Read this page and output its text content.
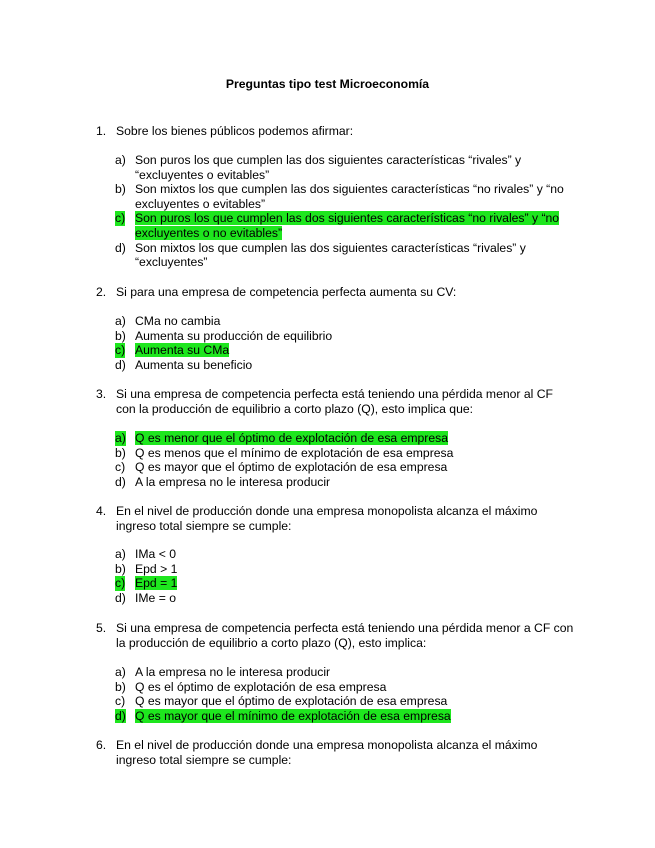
Preguntas tipo test Microeconomía
1. Sobre los bienes públicos podemos afirmar:
a) Son puros los que cumplen las dos siguientes características “rivales” y “excluyentes o evitables”
b) Son mixtos los que cumplen las dos siguientes características “no rivales” y “no excluyentes o evitables”
c) Son puros los que cumplen las dos siguientes características “no rivales” y “no excluyentes o no evitables”
d) Son mixtos los que cumplen las dos siguientes características “rivales” y “excluyentes”
2. Si para una empresa de competencia perfecta aumenta su CV:
a) CMa no cambia
b) Aumenta su producción de equilibrio
c) Aumenta su CMa
d) Aumenta su beneficio
3. Si una empresa de competencia perfecta está teniendo una pérdida menor al CF con la producción de equilibrio a corto plazo (Q), esto implica que:
a) Q es menor que el óptimo de explotación de esa empresa
b) Q es menos que el mínimo de explotación de esa empresa
c) Q es mayor que el óptimo de explotación de esa empresa
d) A la empresa no le interesa producir
4. En el nivel de producción donde una empresa monopolista alcanza el máximo ingreso total siempre se cumple:
a) IMa < 0
b) Epd > 1
c) Epd = 1
d) IMe = o
5. Si una empresa de competencia perfecta está teniendo una pérdida menor a CF con la producción de equilibrio a corto plazo (Q), esto implica:
a) A la empresa no le interesa producir
b) Q es el óptimo de explotación de esa empresa
c) Q es mayor que el óptimo de explotación de esa empresa
d) Q es mayor que el mínimo de explotación de esa empresa
6. En el nivel de producción donde una empresa monopolista alcanza el máximo ingreso total siempre se cumple:
